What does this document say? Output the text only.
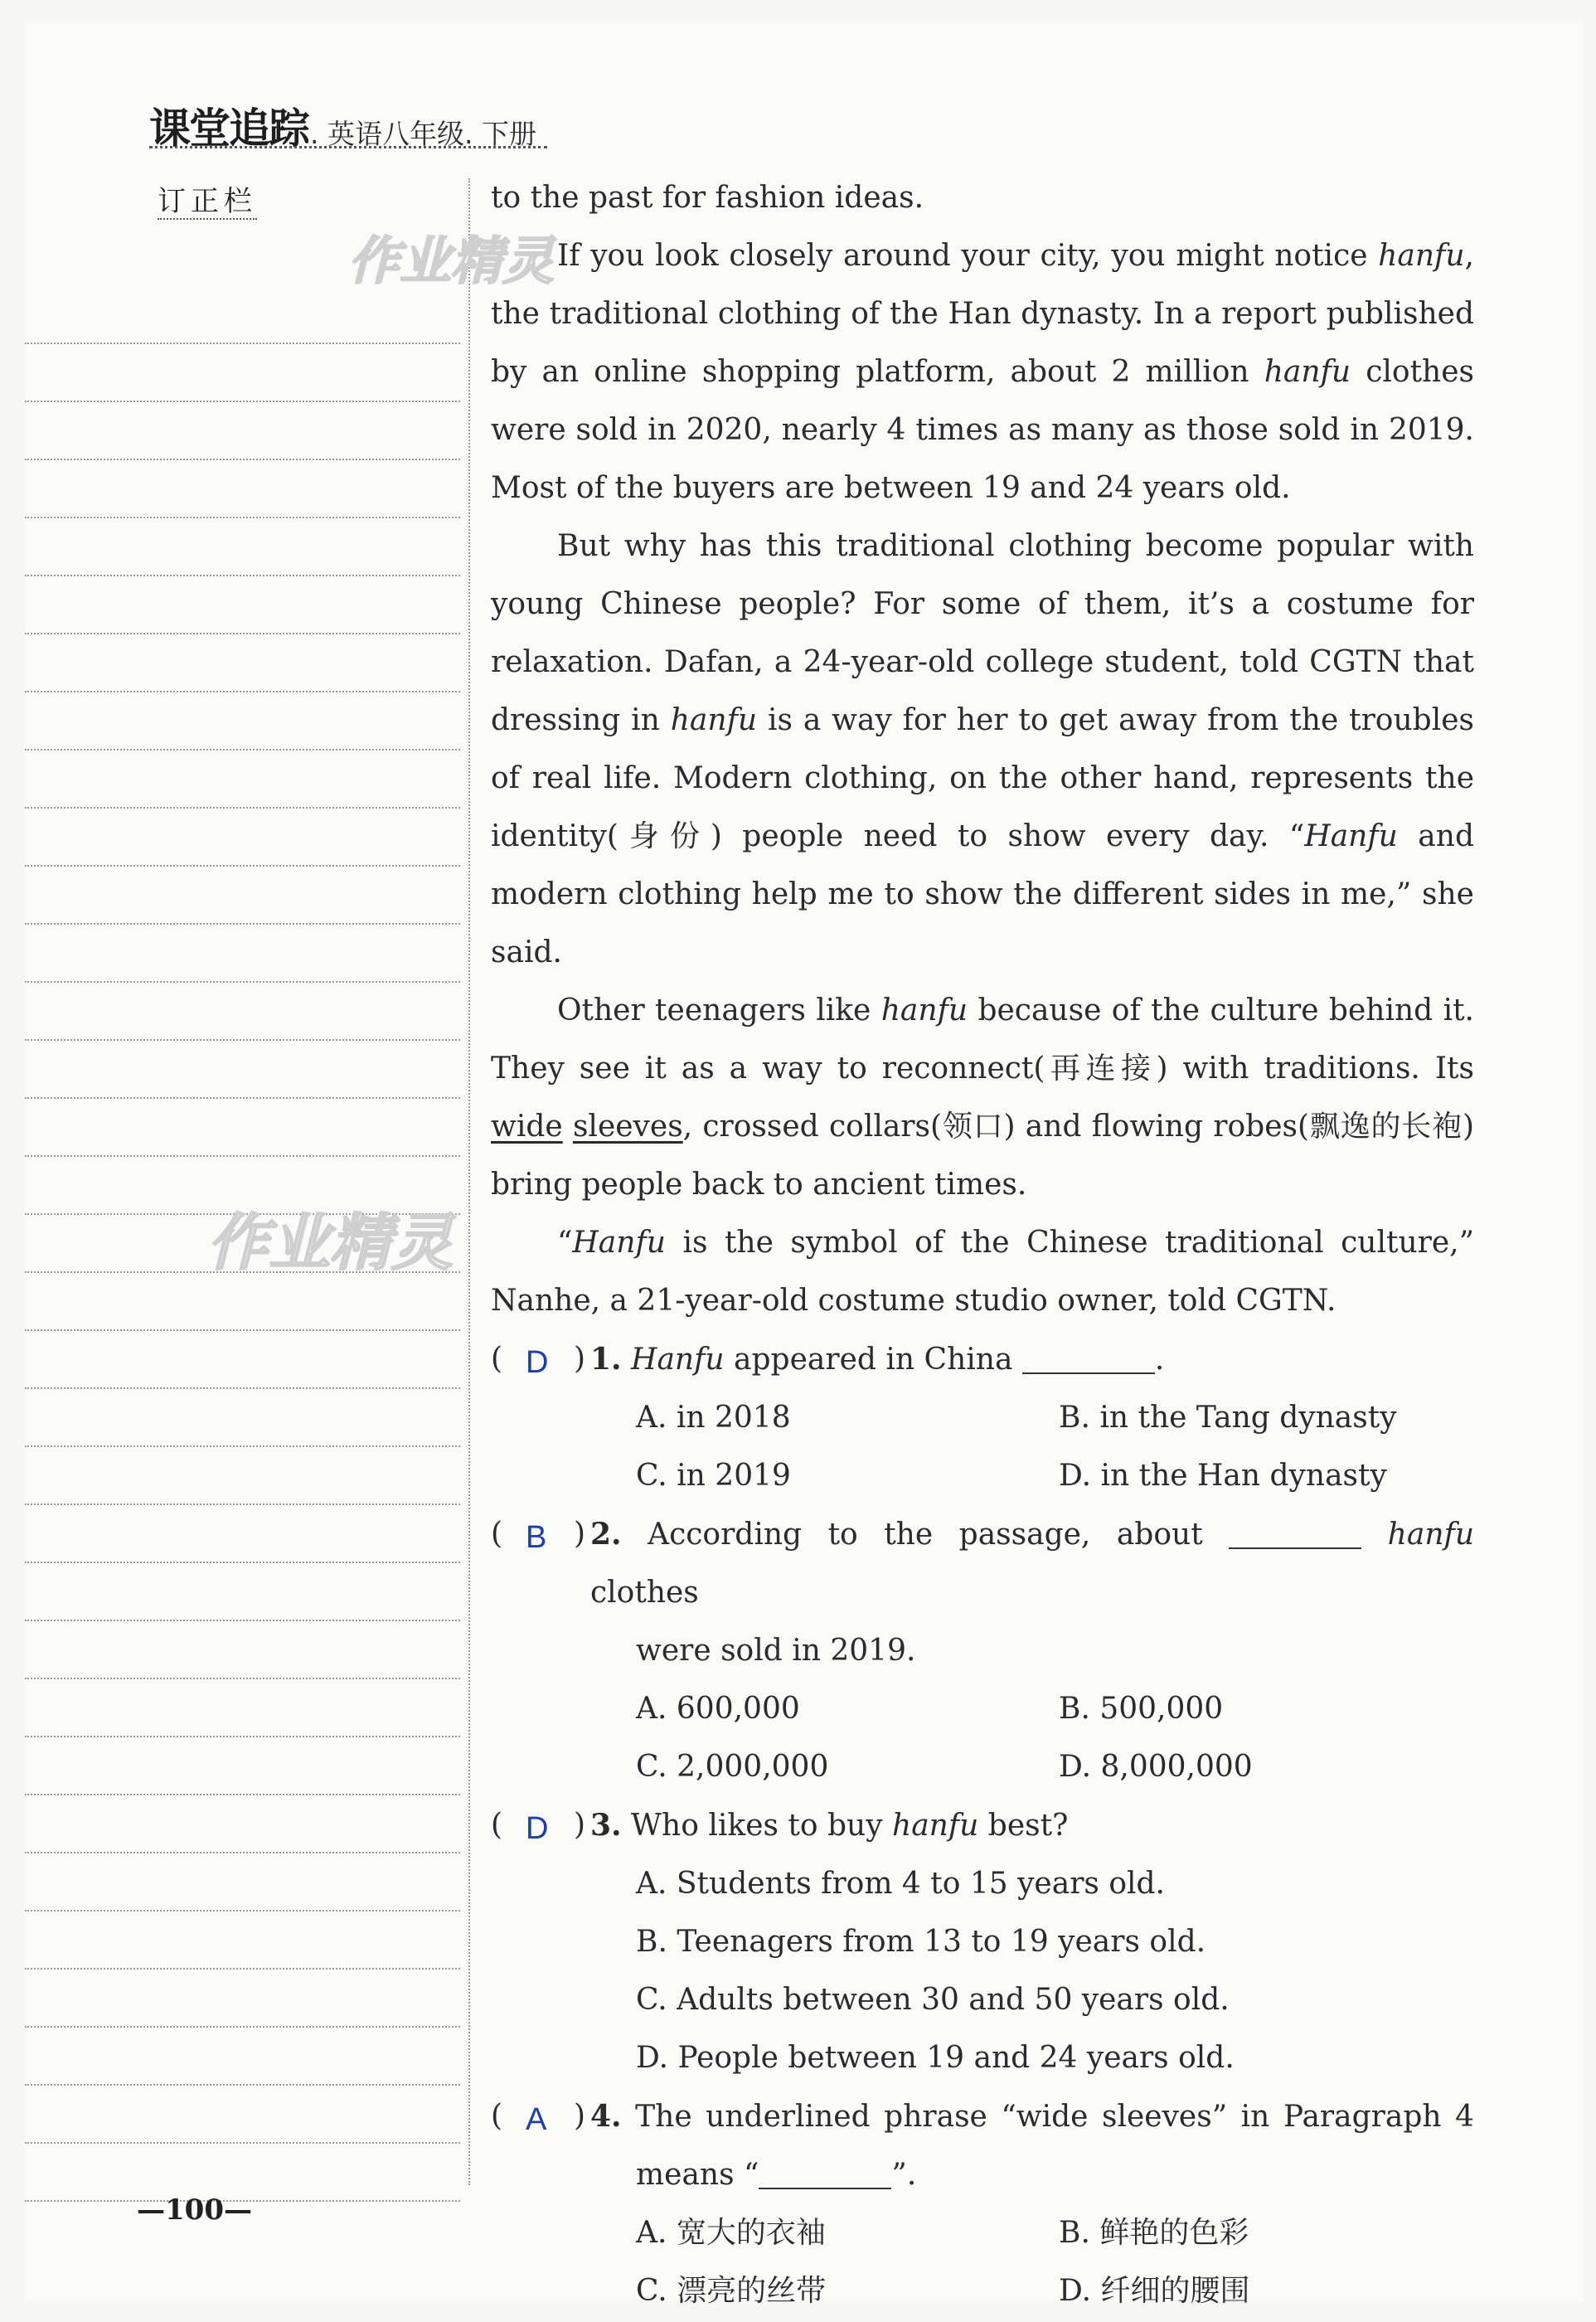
课堂追踪 . 英语八年级. 下册
订正栏
作业精灵
作业精灵

to the past for fashion ideas.

If you look closely around your city, you might notice hanfu, the traditional clothing of the Han dynasty. In a report published by an online shopping platform, about 2 million hanfu clothes were sold in 2020, nearly 4 times as many as those sold in 2019. Most of the buyers are between 19 and 24 years old.

But why has this traditional clothing become popular with young Chinese people? For some of them, it’s a costume for relaxation. Dafan, a 24-year-old college student, told CGTN that dressing in hanfu is a way for her to get away from the troubles of real life. Modern clothing, on the other hand, represents the identity(身份) people need to show every day. “Hanfu and modern clothing help me to show the different sides in me,” she said.

Other teenagers like hanfu because of the culture behind it. They see it as a way to reconnect(再连接) with traditions. Its wide sleeves, crossed collars(领口) and flowing robes(飘逸的长袍) bring people back to ancient times.

“Hanfu is the symbol of the Chinese traditional culture,” Nanhe, a 21-year-old costume studio owner, told CGTN.

( D ) 1. Hanfu appeared in China	.
A. in 2018	B. in the Tang dynasty
C. in 2019	D. in the Han dynasty
( B ) 2. According to the passage, about	hanfu clothes
were sold in 2019.
A. 600,000	B. 500,000
C. 2,000,000	D. 8,000,000
( D ) 3. Who likes to buy hanfu best?
A. Students from 4 to 15 years old.
B. Teenagers from 13 to 19 years old.
C. Adults between 30 and 50 years old.
D. People between 19 and 24 years old.
( A ) 4. The underlined phrase “wide sleeves” in Paragraph 4
means “	”.
A. 宽大的衣袖	B. 鲜艳的色彩
C. 漂亮的丝带	D. 纤细的腰围
—100—
